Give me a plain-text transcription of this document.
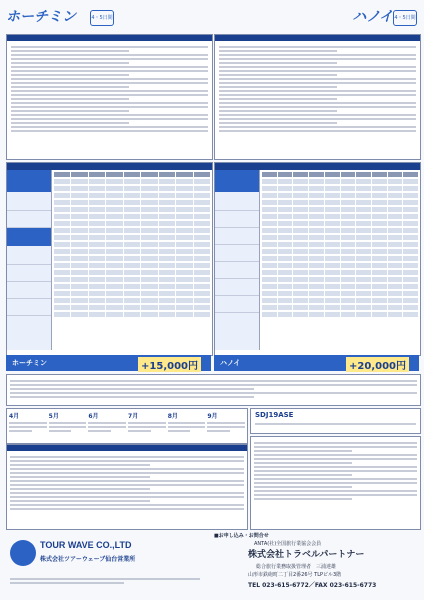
ホーチミン	4・5日間	ハノイ 4・5日間
ホーチミン	+15,000円	ハノイ	+20,000円
4月	5月	6月	7月	8月	9月	SDJ19ASE
TOUR WAVE CO.,LTD
株式会社ツアーウェーブ仙台営業所
■お申し込み・お問合せ
ANTA(社)全国旅行業協会会員
株式会社トラベルパートナー
総合旅行業務取扱管理者　三浦達雄
山形市鉄砲町二丁目2番26号 TLPビル3階
TEL 023-615-6772／FAX 023-615-6773
